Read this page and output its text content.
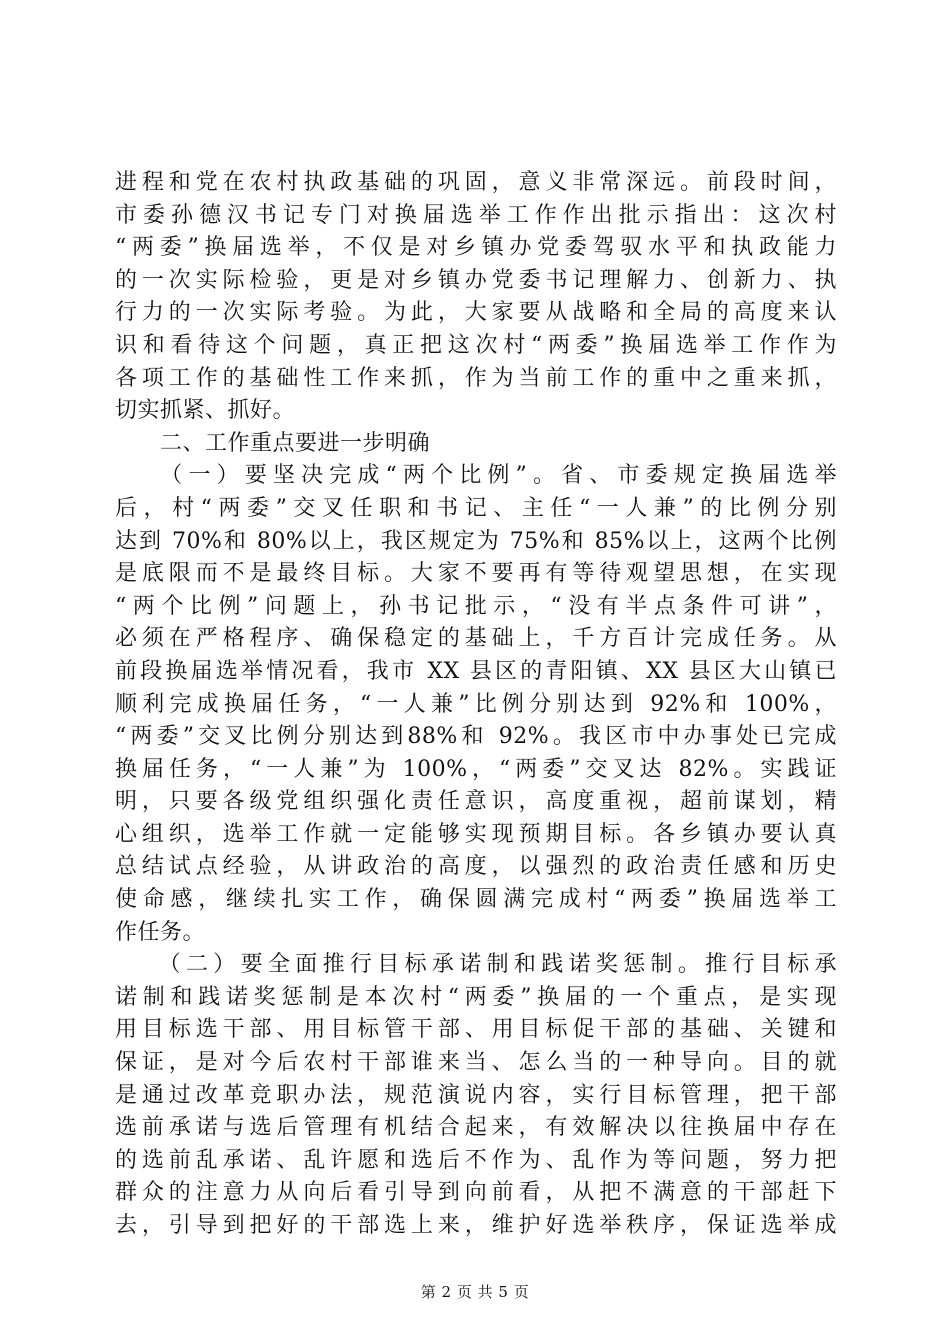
进程和党在农村执政基础的巩固，意义非常深远。前段时间，
市委孙德汉书记专门对换届选举工作作出批示指出：这次村
“两委”换届选举，不仅是对乡镇办党委驾驭水平和执政能力
的一次实际检验，更是对乡镇办党委书记理解力、创新力、执
行力的一次实际考验。为此，大家要从战略和全局的高度来认
识和看待这个问题，真正把这次村“两委”换届选举工作作为
各项工作的基础性工作来抓，作为当前工作的重中之重来抓，
切实抓紧、抓好。
　　二、工作重点要进一步明确
　　（一）要坚决完成“两个比例”。省、市委规定换届选举
后，村“两委”交叉任职和书记、主任“一人兼”的比例分别
达到 70%和 80%以上，我区规定为 75%和 85%以上，这两个比例
是底限而不是最终目标。大家不要再有等待观望思想，在实现
“两个比例”问题上，孙书记批示，“没有半点条件可讲”，
必须在严格程序、确保稳定的基础上，千方百计完成任务。从
前段换届选举情况看，我市 XX 县区的青阳镇、XX 县区大山镇已
顺利完成换届任务，“一人兼”比例分别达到 92%和 100%，
“两委”交叉比例分别达到88%和 92%。我区市中办事处已完成
换届任务，“一人兼”为 100%，“两委”交叉达 82%。实践证
明，只要各级党组织强化责任意识，高度重视，超前谋划，精
心组织，选举工作就一定能够实现预期目标。各乡镇办要认真
总结试点经验，从讲政治的高度，以强烈的政治责任感和历史
使命感，继续扎实工作，确保圆满完成村“两委”换届选举工
作任务。
　　（二）要全面推行目标承诺制和践诺奖惩制。推行目标承
诺制和践诺奖惩制是本次村“两委”换届的一个重点，是实现
用目标选干部、用目标管干部、用目标促干部的基础、关键和
保证，是对今后农村干部谁来当、怎么当的一种导向。目的就
是通过改革竞职办法，规范演说内容，实行目标管理，把干部
选前承诺与选后管理有机结合起来，有效解决以往换届中存在
的选前乱承诺、乱许愿和选后不作为、乱作为等问题，努力把
群众的注意力从向后看引导到向前看，从把不满意的干部赶下
去，引导到把好的干部选上来，维护好选举秩序，保证选举成
第 2 页 共 5 页
